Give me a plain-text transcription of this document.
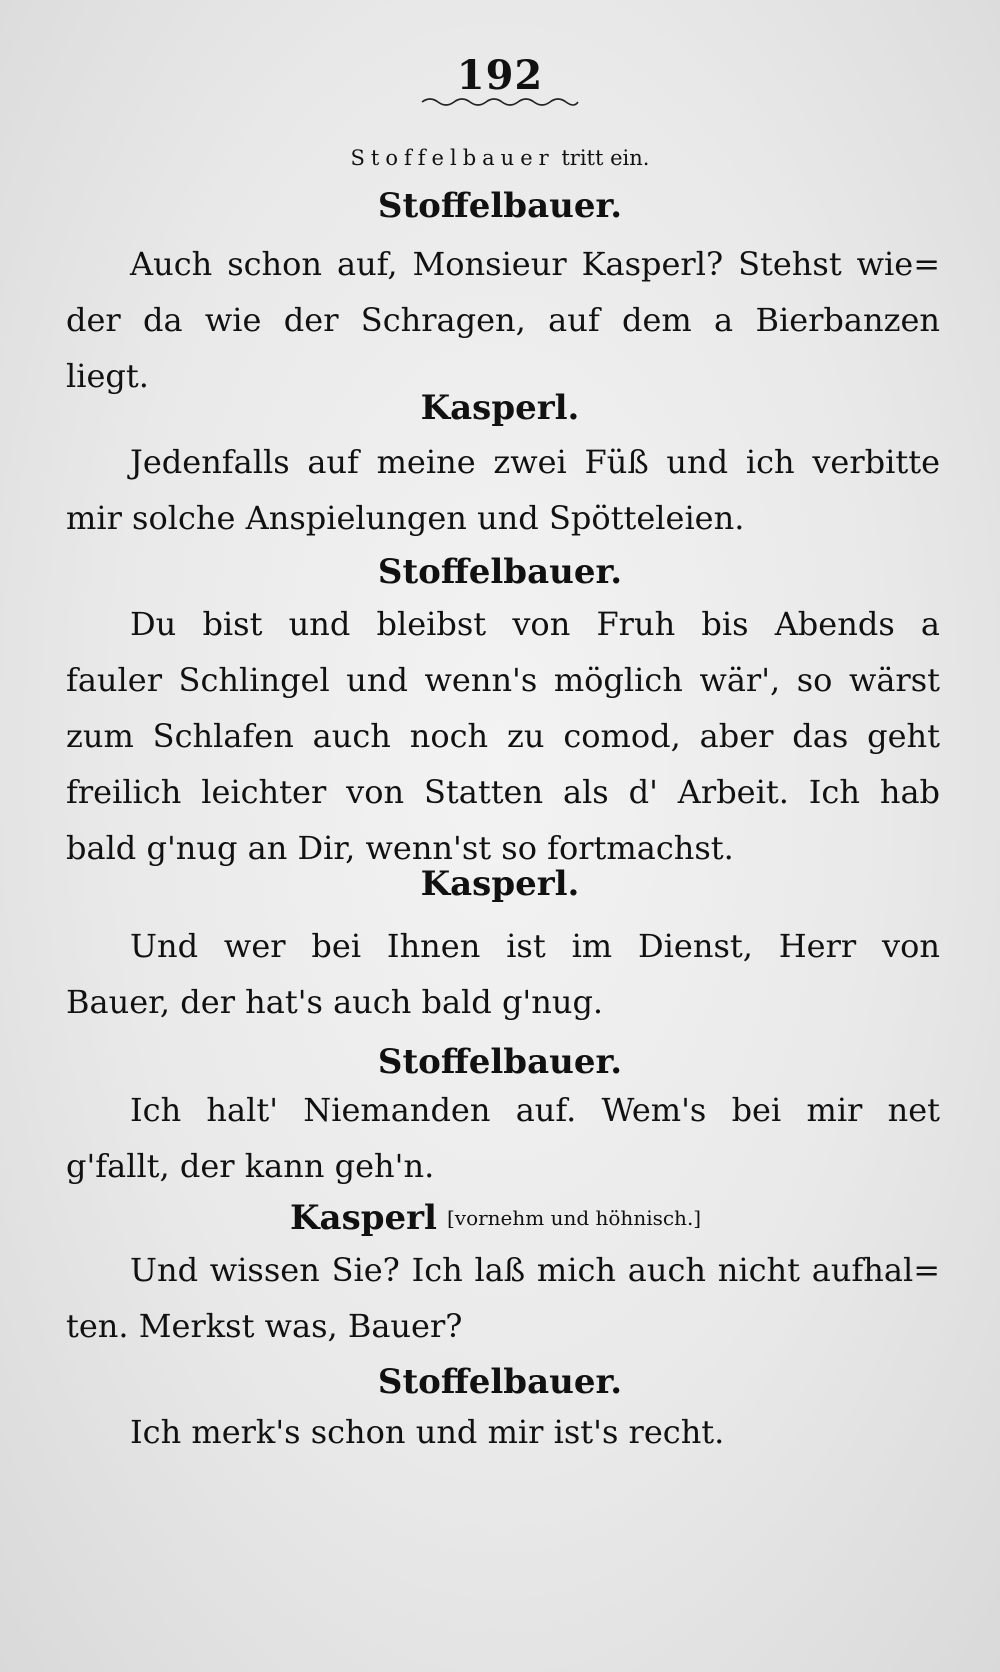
192
Stoffelbauer tritt ein.
Stoffelbauer.
Auch schon auf, Monsieur Kasperl? Stehst wie=
der da wie der Schragen, auf dem a Bierbanzen
liegt.
Kasperl.
Jedenfalls auf meine zwei Füß und ich verbitte
mir solche Anspielungen und Spötteleien.
Stoffelbauer.
Du bist und bleibst von Fruh bis Abends a
fauler Schlingel und wenn's möglich wär', so wärst
zum Schlafen auch noch zu comod, aber das geht
freilich leichter von Statten als d' Arbeit. Ich hab
bald g'nug an Dir, wenn'st so fortmachst.
Kasperl.
Und wer bei Ihnen ist im Dienst, Herr von
Bauer, der hat's auch bald g'nug.
Stoffelbauer.
Ich halt' Niemanden auf. Wem's bei mir net
g'fallt, der kann geh'n.
Kasperl [vornehm und höhnisch.]
Und wissen Sie? Ich laß mich auch nicht aufhal=
ten. Merkst was, Bauer?
Stoffelbauer.
Ich merk's schon und mir ist's recht.
